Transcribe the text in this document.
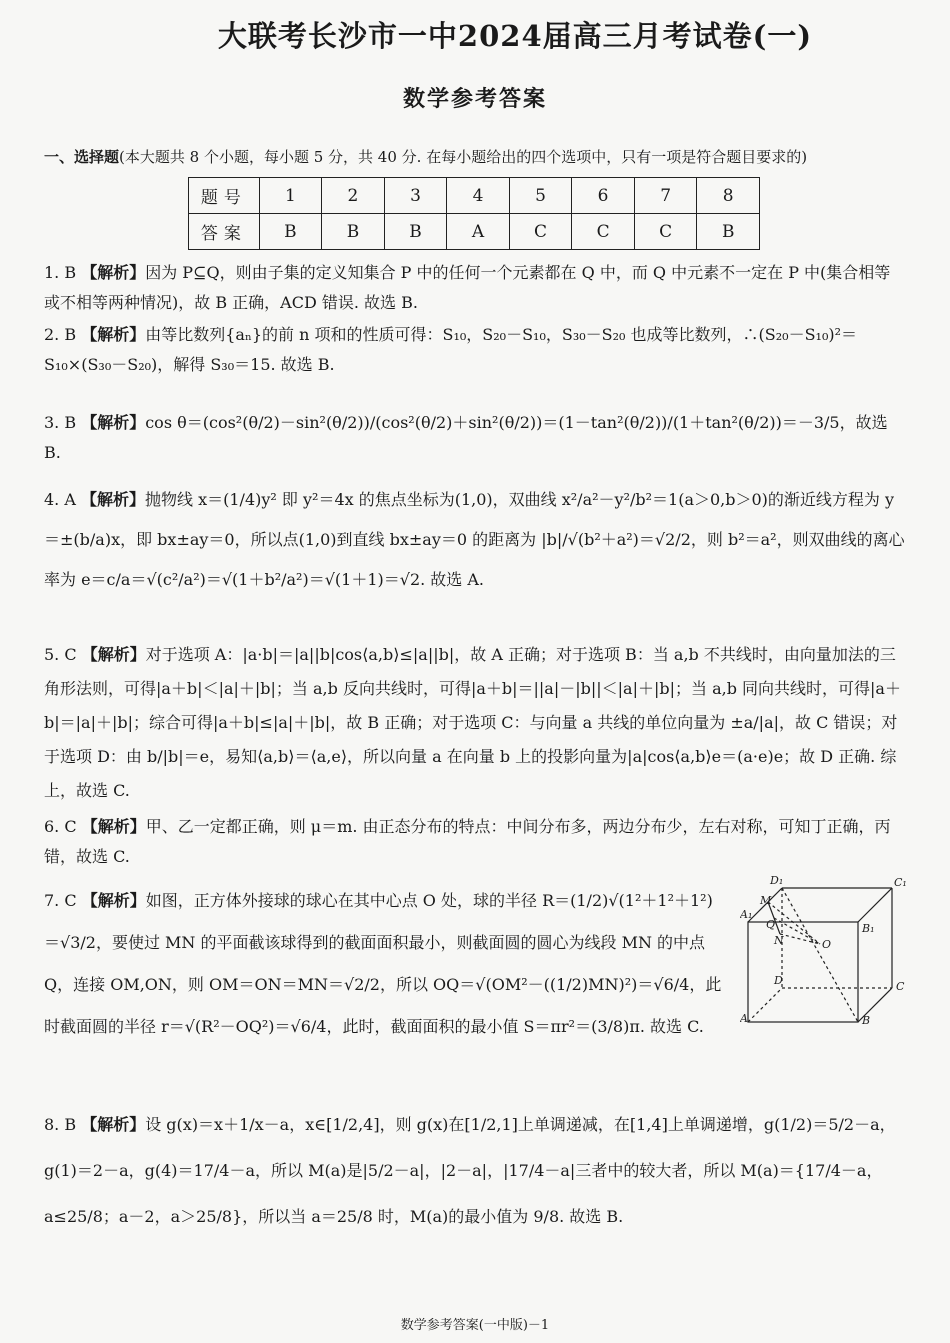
大联考长沙市一中2024届高三月考试卷(一)
数学参考答案
一、选择题(本大题共 8 个小题，每小题 5 分，共 40 分. 在每小题给出的四个选项中，只有一项是符合题目要求的)
题号	1	2	3	4	5	6	7	8
答案	B	B	B	A	C	C	C	B
1. B 【解析】因为 P⊆Q，则由子集的定义知集合 P 中的任何一个元素都在 Q 中，而 Q 中元素不一定在 P 中(集合相等或不相等两种情况)，故 B 正确，ACD 错误. 故选 B.
2. B 【解析】由等比数列{aₙ}的前 n 项和的性质可得：S₁₀，S₂₀－S₁₀，S₃₀－S₂₀ 也成等比数列，∴(S₂₀－S₁₀)²＝S₁₀×(S₃₀－S₂₀)，解得 S₃₀＝15. 故选 B.
3. B 【解析】cos θ＝(cos²(θ/2)－sin²(θ/2))/(cos²(θ/2)＋sin²(θ/2))＝(1－tan²(θ/2))/(1＋tan²(θ/2))＝－3/5，故选 B.
4. A 【解析】抛物线 x＝(1/4)y² 即 y²＝4x 的焦点坐标为(1,0)，双曲线 x²/a²－y²/b²＝1(a＞0,b＞0)的渐近线方程为 y＝±(b/a)x，即 bx±ay＝0，所以点(1,0)到直线 bx±ay＝0 的距离为 |b|/√(b²＋a²)＝√2/2，则 b²＝a²，则双曲线的离心率为 e＝c/a＝√(c²/a²)＝√(1＋b²/a²)＝√(1＋1)＝√2. 故选 A.
5. C 【解析】对于选项 A：|a·b|＝|a||b|cos⟨a,b⟩≤|a||b|，故 A 正确；对于选项 B：当 a,b 不共线时，由向量加法的三角形法则，可得|a＋b|＜|a|＋|b|；当 a,b 反向共线时，可得|a＋b|＝||a|－|b||＜|a|＋|b|；当 a,b 同向共线时，可得|a＋b|＝|a|＋|b|；综合可得|a＋b|≤|a|＋|b|，故 B 正确；对于选项 C：与向量 a 共线的单位向量为 ±a/|a|，故 C 错误；对于选项 D：由 b/|b|＝e，易知⟨a,b⟩＝⟨a,e⟩，所以向量 a 在向量 b 上的投影向量为|a|cos⟨a,b⟩e＝(a·e)e；故 D 正确. 综上，故选 C.
6. C 【解析】甲、乙一定都正确，则 μ＝m. 由正态分布的特点：中间分布多，两边分布少，左右对称，可知丁正确，丙错，故选 C.
7. C 【解析】如图，正方体外接球的球心在其中心点 O 处，球的半径 R＝(1/2)√(1²＋1²＋1²)＝√3/2，要使过 MN 的平面截该球得到的截面面积最小，则截面圆的圆心为线段 MN 的中点 Q，连接 OM,ON，则 OM＝ON＝MN＝√2/2，所以 OQ＝√(OM²－((1/2)MN)²)＝√6/4，此时截面圆的半径 r＝√(R²－OQ²)＝√6/4，此时，截面面积的最小值 S＝πr²＝(3/8)π. 故选 C.
D₁	C₁
A₁
B₁
M
Q
N	O
D	C
A	B
8. B 【解析】设 g(x)＝x＋1/x－a，x∈[1/2,4]，则 g(x)在[1/2,1]上单调递减，在[1,4]上单调递增，g(1/2)＝5/2－a，g(1)＝2－a，g(4)＝17/4－a，所以 M(a)是|5/2－a|，|2－a|，|17/4－a|三者中的较大者，所以 M(a)＝{17/4－a，a≤25/8；a－2，a＞25/8}，所以当 a＝25/8 时，M(a)的最小值为 9/8. 故选 B.
数学参考答案(一中版)－1
